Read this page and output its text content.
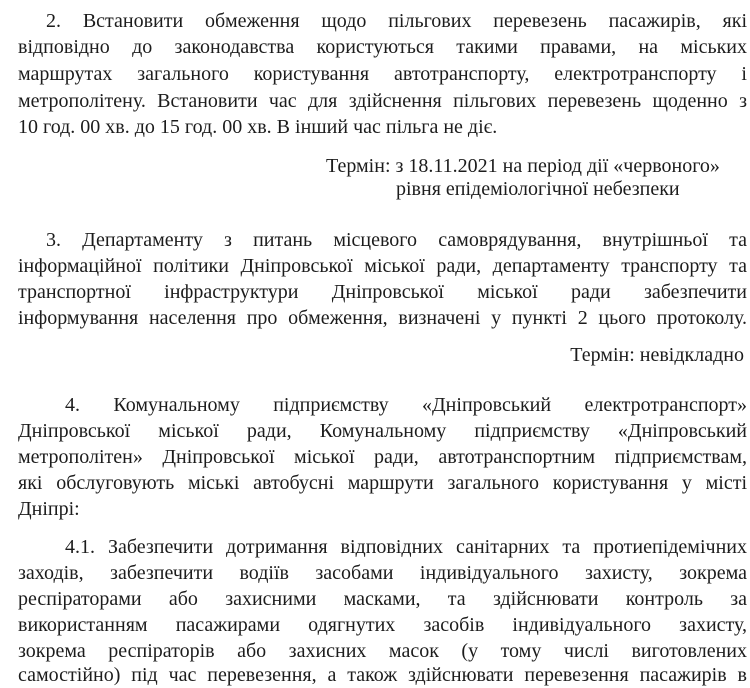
2. Встановити обмеження щодо пільгових перевезень пасажирів, які
відповідно до законодавства користуються такими правами, на міських
маршрутах загального користування автотранспорту, електротранспорту і
метрополітену. Встановити час для здійснення пільгових перевезень щоденно з
10 год. 00 хв. до 15 год. 00 хв. В інший час пільга не діє.
Термін: з 18.11.2021 на період дії «червоного»
рівня епідеміологічної небезпеки
3. Департаменту з питань місцевого самоврядування, внутрішньої та
інформаційної політики Дніпровської міської ради, департаменту транспорту та
транспортної інфраструктури Дніпровської міської ради забезпечити
інформування населення про обмеження, визначені у пункті 2 цього протоколу.
Термін: невідкладно
4. Комунальному підприємству «Дніпровський електротранспорт»
Дніпровської міської ради, Комунальному підприємству «Дніпровський
метрополітен» Дніпровської міської ради, автотранспортним підприємствам,
які обслуговують міські автобусні маршрути загального користування у місті
Дніпрі:
4.1. Забезпечити дотримання відповідних санітарних та протиепідемічних
заходів, забезпечити водіїв засобами індивідуального захисту, зокрема
респіраторами або захисними масками, та здійснювати контроль за
використанням пасажирами одягнутих засобів індивідуального захисту,
зокрема респіраторів або захисних масок (у тому числі виготовлених
самостійно) під час перевезення, а також здійснювати перевезення пасажирів в
